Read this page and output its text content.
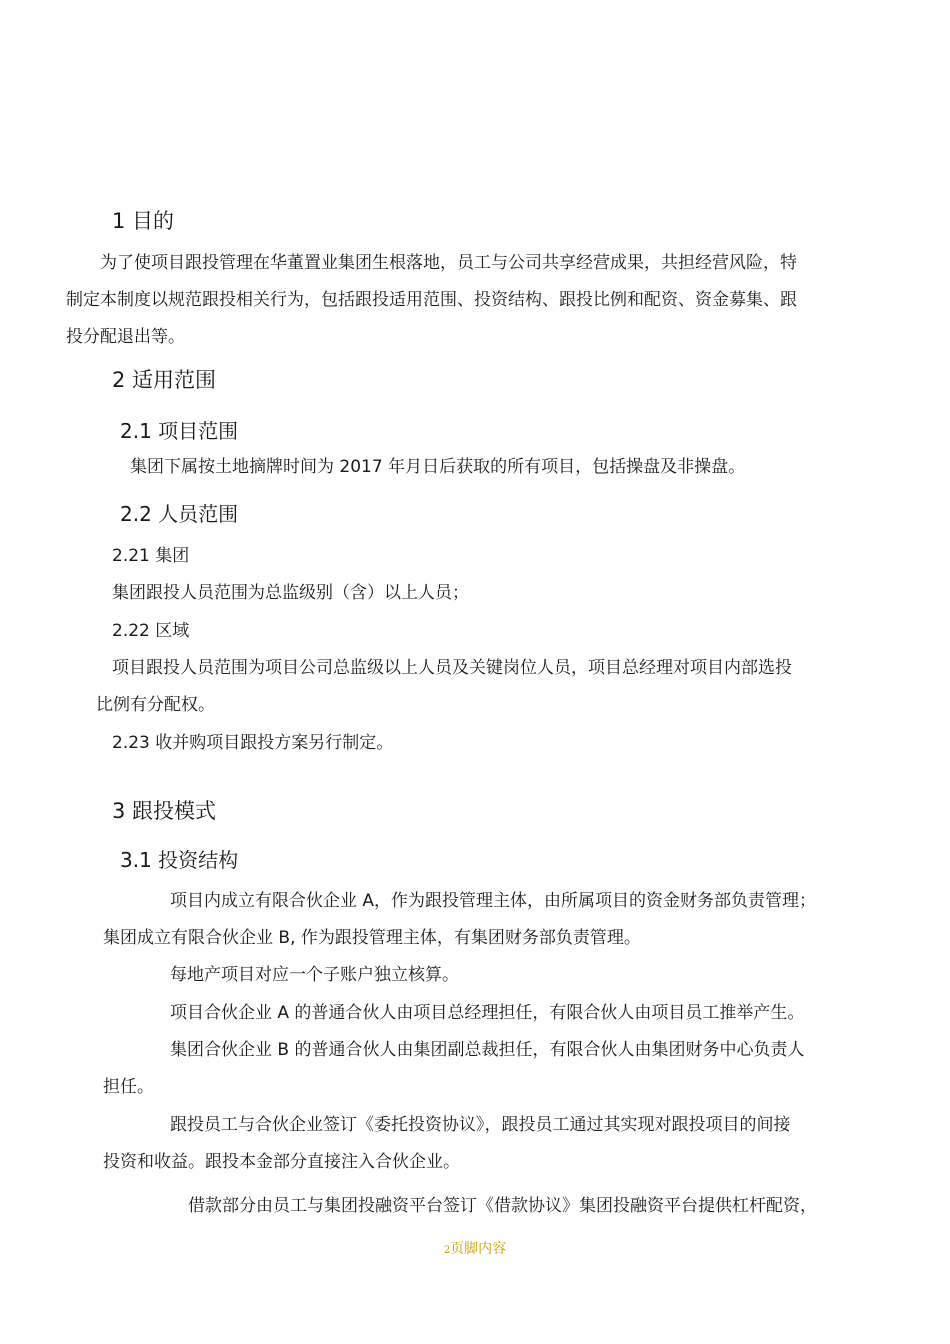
1 目的
为了使项目跟投管理在华董置业集团生根落地，员工与公司共享经营成果，共担经营风险，特
制定本制度以规范跟投相关行为，包括跟投适用范围、投资结构、跟投比例和配资、资金募集、跟
投分配退出等。
2 适用范围
2.1 项目范围
集团下属按土地摘牌时间为 2017 年月日后获取的所有项目，包括操盘及非操盘。
2.2 人员范围
2.21 集团
集团跟投人员范围为总监级别（含）以上人员；
2.22 区域
项目跟投人员范围为项目公司总监级以上人员及关键岗位人员，项目总经理对项目内部选投
比例有分配权。
2.23 收并购项目跟投方案另行制定。
3 跟投模式
3.1 投资结构
项目内成立有限合伙企业 A，作为跟投管理主体，由所属项目的资金财务部负责管理；
集团成立有限合伙企业 B, 作为跟投管理主体，有集团财务部负责管理。
每地产项目对应一个子账户独立核算。
项目合伙企业 A 的普通合伙人由项目总经理担任，有限合伙人由项目员工推举产生。
集团合伙企业 B 的普通合伙人由集团副总裁担任，有限合伙人由集团财务中心负责人
担任。
跟投员工与合伙企业签订《委托投资协议》，跟投员工通过其实现对跟投项目的间接
投资和收益。跟投本金部分直接注入合伙企业。
借款部分由员工与集团投融资平台签订《借款协议》集团投融资平台提供杠杆配资，
2页脚内容
